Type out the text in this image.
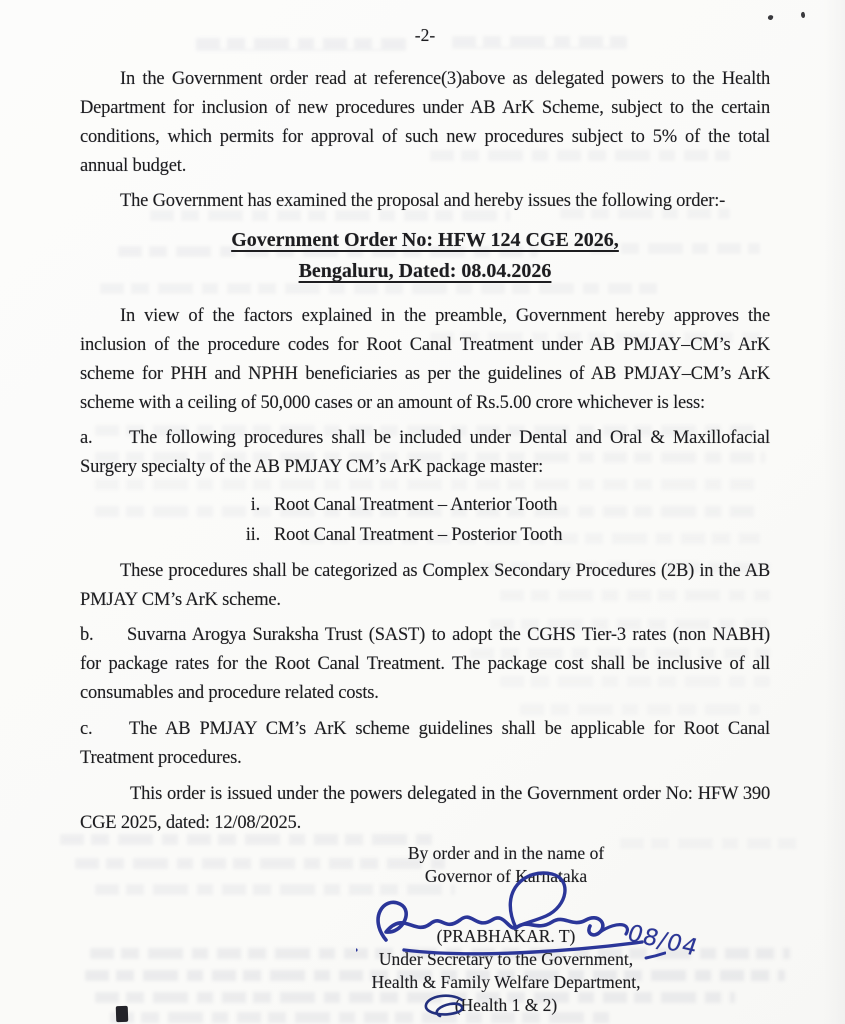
-2-

In the Government order read at reference(3)above as delegated powers to the Health Department for inclusion of new procedures under AB ArK Scheme, subject to the certain conditions, which permits for approval of such new procedures subject to 5% of the total annual budget.

The Government has examined the proposal and hereby issues the following order:-

Government Order No: HFW 124 CGE 2026,
Bengaluru, Dated: 08.04.2026

In view of the factors explained in the preamble, Government hereby approves the inclusion of the procedure codes for Root Canal Treatment under AB PMJAY–CM’s ArK scheme for PHH and NPHH beneficiaries as per the guidelines of AB PMJAY–CM’s ArK scheme with a ceiling of 50,000 cases or an amount of Rs.5.00 crore whichever is less:

a. The following procedures shall be included under Dental and Oral & Maxillofacial Surgery specialty of the AB PMJAY CM’s ArK package master:

i. Root Canal Treatment – Anterior Tooth
ii. Root Canal Treatment – Posterior Tooth

These procedures shall be categorized as Complex Secondary Procedures (2B) in the AB PMJAY CM’s ArK scheme.

b. Suvarna Arogya Suraksha Trust (SAST) to adopt the CGHS Tier-3 rates (non NABH) for package rates for the Root Canal Treatment. The package cost shall be inclusive of all consumables and procedure related costs.

c. The AB PMJAY CM’s ArK scheme guidelines shall be applicable for Root Canal Treatment procedures.

This order is issued under the powers delegated in the Government order No: HFW 390 CGE 2025, dated: 12/08/2025.

By order and in the name of
Governor of Karnataka
08/04
(PRABHAKAR. T)
Under Secretary to the Government,
Health & Family Welfare Department,
(Health 1 & 2)
